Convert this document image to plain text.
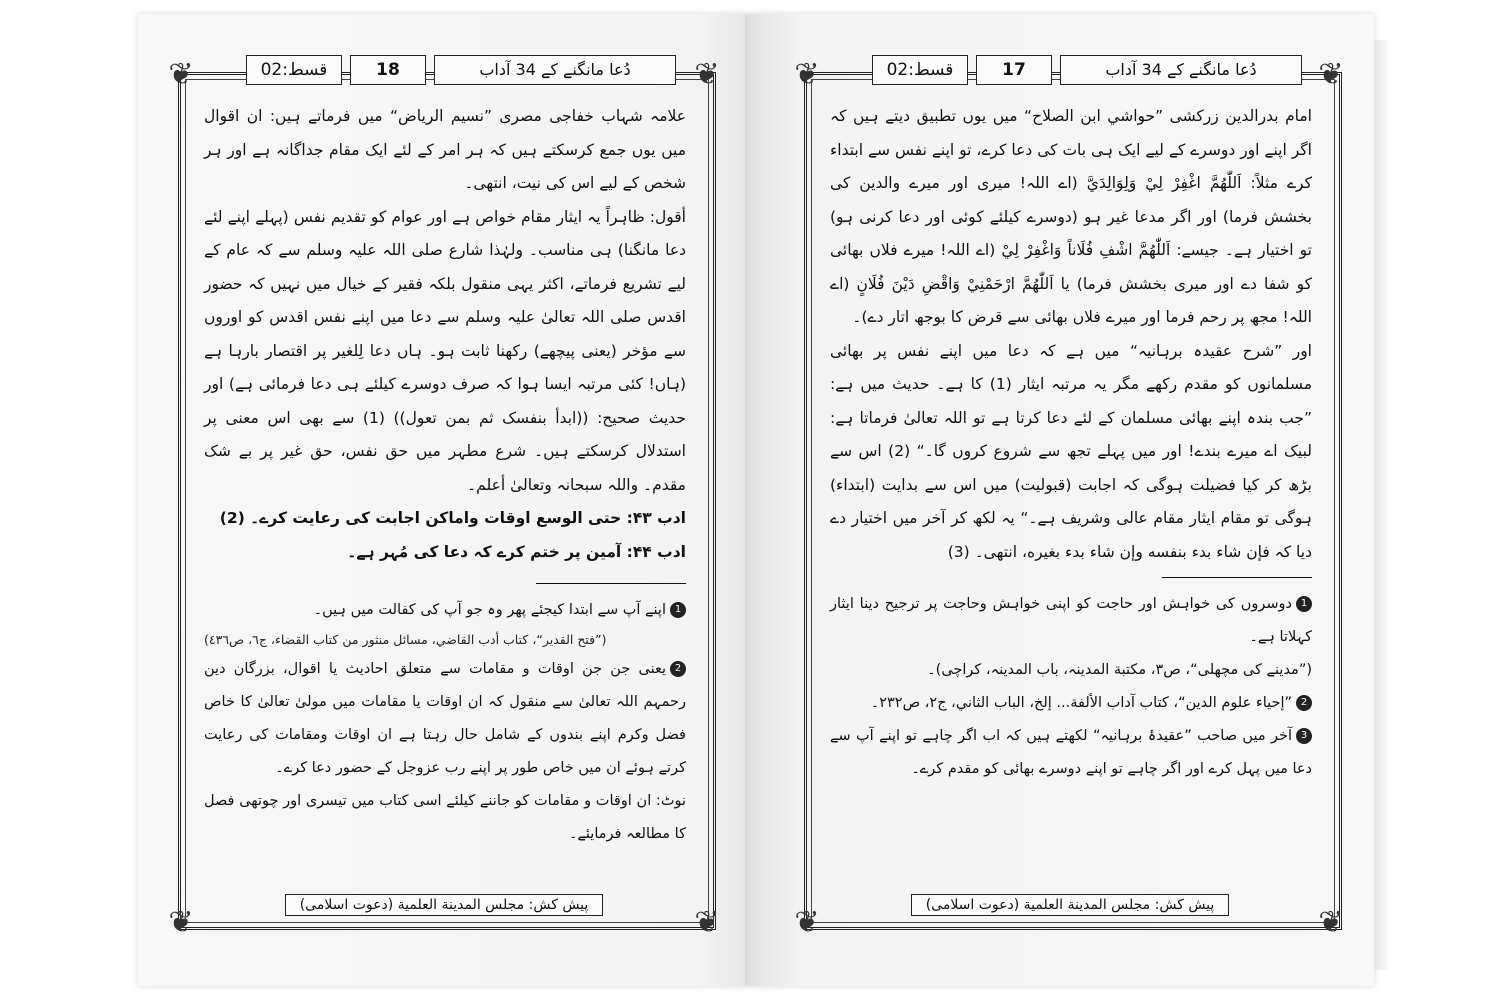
❦	❦
❦	❦
دُعا مانگنے کے 34 آداب
18
قسط:02

علامہ شہاب خفاجی مصری ”نسیم الریاض“ میں فرماتے ہیں: ان اقوال میں یوں جمع کرسکتے ہیں کہ ہر امر کے لئے ایک مقام جداگانہ ہے اور ہر شخص کے لیے اس کی نیت، انتھی۔

أقول: ظاہراً یہ ایثار مقام خواص ہے اور عوام کو تقدیم نفس (پہلے اپنے لئے دعا مانگنا) ہی مناسب۔ ولہٰذا شارع صلی اللہ علیہ وسلم سے کہ عام کے لیے تشریع فرماتے، اکثر یہی منقول بلکہ فقیر کے خیال میں نہیں کہ حضور اقدس صلی اللہ تعالیٰ علیہ وسلم سے دعا میں اپنے نفس اقدس کو اوروں سے مؤخر (یعنی پیچھے) رکھنا ثابت ہو۔ ہاں دعا لِلغیر پر اقتصار بارہا ہے (ہاں! کئی مرتبہ ایسا ہوا کہ صرف دوسرے کیلئے ہی دعا فرمائی ہے) اور حدیث صحیح: ((ابدأ بنفسک ثم بمن تعول)) (1) سے بھی اس معنی پر استدلال کرسکتے ہیں۔ شرع مطہر میں حق نفس، حق غیر پر بے شک مقدم۔ واللہ سبحانہ وتعالیٰ أعلم۔

ادب ۴۳: حتی الوسع اوقات واماکن اجابت کی رعایت کرے۔ (2)

ادب ۴۴: آمین پر ختم کرے کہ دعا کی مُہر ہے۔

1اپنے آپ سے ابتدا کیجئے پھر وہ جو آپ کی کفالت میں ہیں۔

(”فتح القدیر“، کتاب أدب القاضي، مسائل منثور من کتاب القضاء، ج٦، ص٤٣٦)

2یعنی جن جن اوقات و مقامات سے متعلق احادیث یا اقوال، بزرگان دین رحمہم اللہ تعالیٰ سے منقول کہ ان اوقات یا مقامات میں مولیٰ تعالیٰ کا خاص فضل وکرم اپنے بندوں کے شامل حال رہتا ہے ان اوقات ومقامات کی رعایت کرتے ہوئے ان میں خاص طور پر اپنے رب عزوجل کے حضور دعا کرے۔

نوٹ: ان اوقات و مقامات کو جاننے کیلئے اسی کتاب میں تیسری اور چوتھی فصل کا مطالعہ فرمایئے۔

پیش کش: مجلس المدینة العلمیة (دعوت اسلامی)
❦	❦
❦	❦
دُعا مانگنے کے 34 آداب
17
قسط:02

امام بدرالدین زرکشی ”حواشي ابن الصلاح“ میں یوں تطبیق دیتے ہیں کہ اگر اپنے اور دوسرے کے لیے ایک ہی بات کی دعا کرے، تو اپنے نفس سے ابتداء کرے مثلاً: اَللّٰھُمَّ اغْفِرْ لِيْ وَلِوَالِدَيَّ (اے اللہ! میری اور میرے والدین کی بخشش فرما) اور اگر مدعا غیر ہو (دوسرے کیلئے کوئی اور دعا کرنی ہو) تو اختیار ہے۔ جیسے: اَللّٰھُمَّ اشْفِ فُلَاناً وَاغْفِرْ لِيْ (اے اللہ! میرے فلاں بھائی کو شفا دے اور میری بخشش فرما) یا اَللّٰھُمَّ ارْحَمْنِيْ وَاقْضِ دَیْنَ فُلَانٍ (اے اللہ! مجھ پر رحم فرما اور میرے فلاں بھائی سے قرض کا بوجھ اتار دے)۔

اور ”شرح عقیدہ برہانیہ“ میں ہے کہ دعا میں اپنے نفس پر بھائی مسلمانوں کو مقدم رکھے مگر یہ مرتبہ ایثار (1) کا ہے۔ حدیث میں ہے: ”جب بندہ اپنے بھائی مسلمان کے لئے دعا کرتا ہے تو اللہ تعالیٰ فرماتا ہے: لبیک اے میرے بندے! اور میں پہلے تجھ سے شروع کروں گا۔“ (2) اس سے بڑھ کر کیا فضیلت ہوگی کہ اجابت (قبولیت) میں اس سے بدایت (ابتداء) ہوگی تو مقام ایثار مقام عالی وشریف ہے۔“ یہ لکھ کر آخر میں اختیار دے دیا کہ فإن شاء بدء بنفسه وإن شاء بدء بغیره، انتهی۔ (3)

1دوسروں کی خواہش اور حاجت کو اپنی خواہش وحاجت پر ترجیح دینا ایثار کہلاتا ہے۔

(”مدینے کی مچھلی“، ص۳، مکتبة المدینہ، باب المدینہ، کراچی)۔

2”إحیاء علوم الدین“، کتاب آداب الألفة... إلخ، الباب الثاني، ج٢، ص٢٣٢۔

3آخر میں صاحب ”عقیدۂ برہانیہ“ لکھتے ہیں کہ اب اگر چاہے تو اپنے آپ سے دعا میں پہل کرے اور اگر چاہے تو اپنے دوسرے بھائی کو مقدم کرے۔

پیش کش: مجلس المدینة العلمیة (دعوت اسلامی)
